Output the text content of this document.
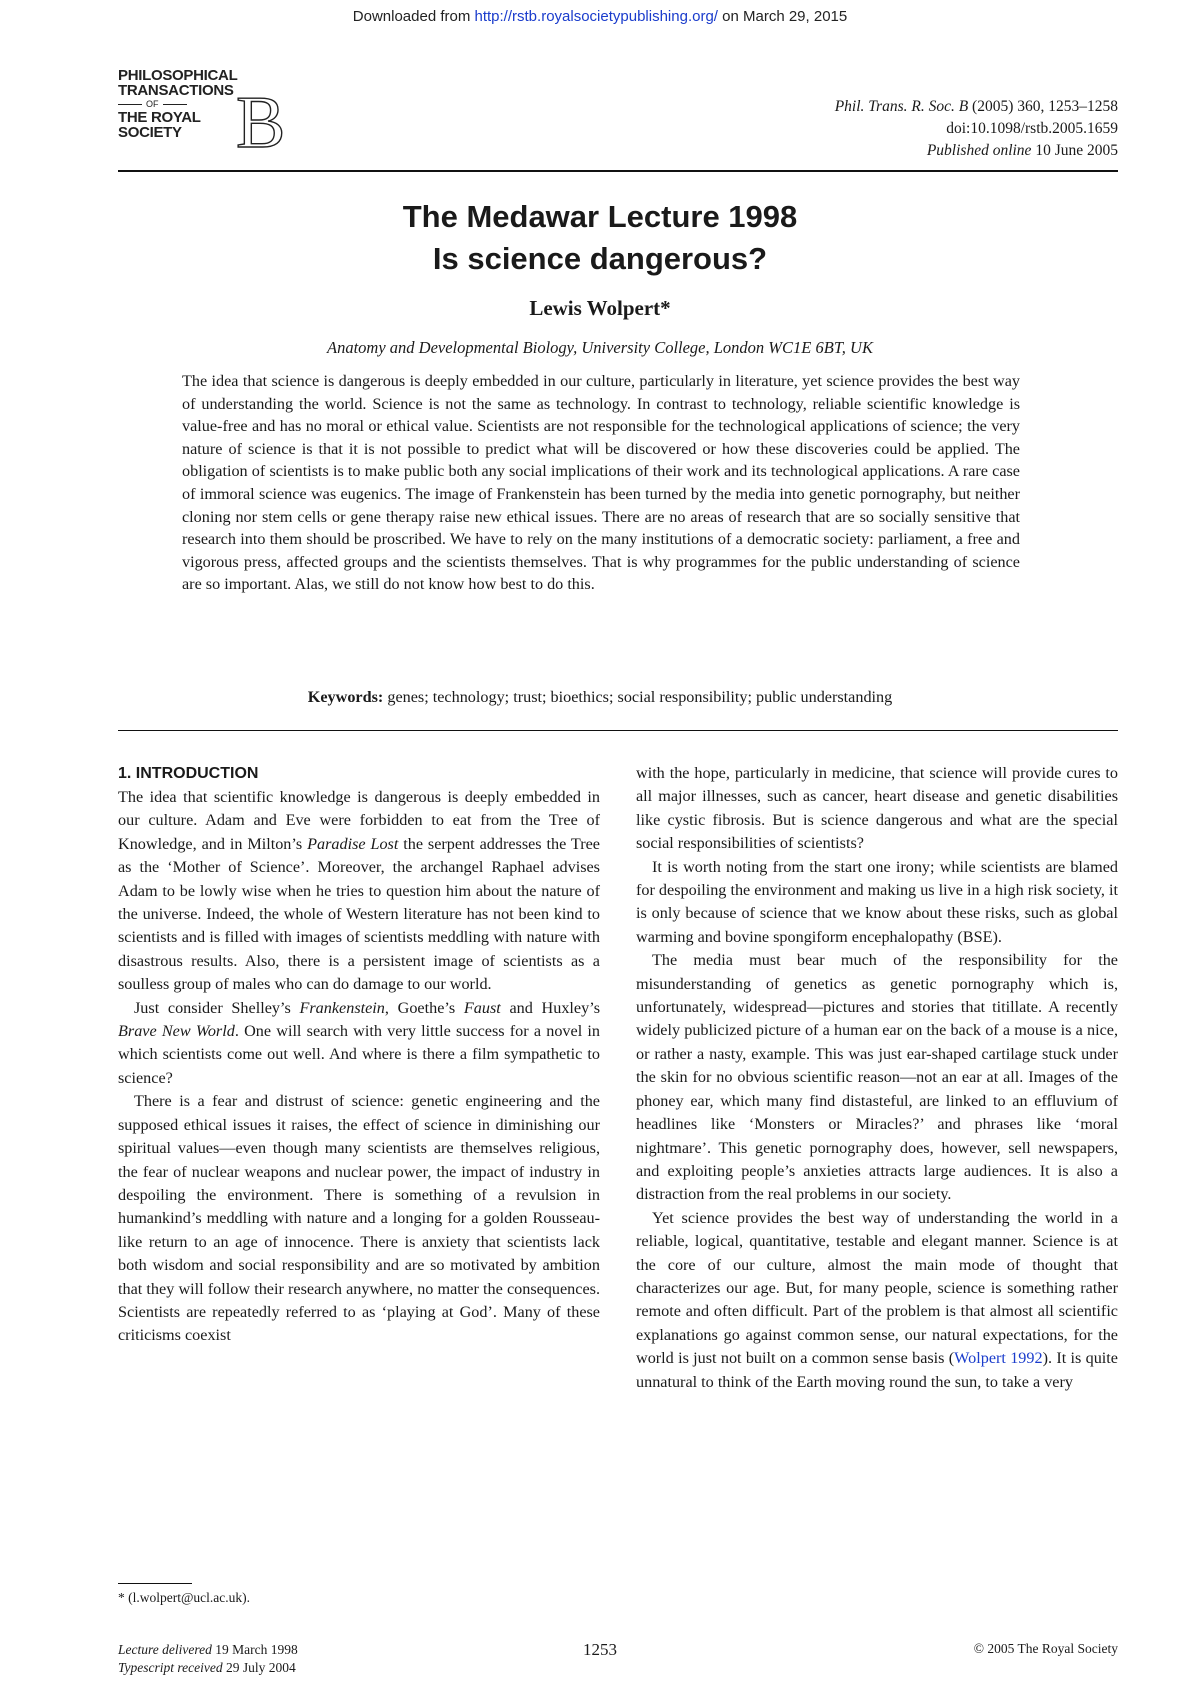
Downloaded from http://rstb.royalsocietypublishing.org/ on March 29, 2015
PHILOSOPHICAL
TRANSACTIONS
OF
THE ROYAL
SOCIETY B	Phil. Trans. R. Soc. B (2005) 360, 1253–1258
doi:10.1098/rstb.2005.1659
Published online 10 June 2005
The Medawar Lecture 1998
Is science dangerous?
Lewis Wolpert*
Anatomy and Developmental Biology, University College, London WC1E 6BT, UK
The idea that science is dangerous is deeply embedded in our culture, particularly in literature, yet science provides the best way of understanding the world. Science is not the same as technology. In contrast to technology, reliable scientific knowledge is value-free and has no moral or ethical value. Scientists are not responsible for the technological applications of science; the very nature of science is that it is not possible to predict what will be discovered or how these discoveries could be applied. The obligation of scientists is to make public both any social implications of their work and its technological applications. A rare case of immoral science was eugenics. The image of Frankenstein has been turned by the media into genetic pornography, but neither cloning nor stem cells or gene therapy raise new ethical issues. There are no areas of research that are so socially sensitive that research into them should be proscribed. We have to rely on the many institutions of a democratic society: parliament, a free and vigorous press, affected groups and the scientists themselves. That is why programmes for the public understanding of science are so important. Alas, we still do not know how best to do this.
Keywords: genes; technology; trust; bioethics; social responsibility; public understanding
1. INTRODUCTION

The idea that scientific knowledge is dangerous is deeply embedded in our culture. Adam and Eve were forbidden to eat from the Tree of Knowledge, and in Milton’s Paradise Lost the serpent addresses the Tree as the ‘Mother of Science’. Moreover, the archangel Raphael advises Adam to be lowly wise when he tries to question him about the nature of the universe. Indeed, the whole of Western literature has not been kind to scientists and is filled with images of scientists meddling with nature with disastrous results. Also, there is a persistent image of scientists as a soulless group of males who can do damage to our world.

Just consider Shelley’s Frankenstein, Goethe’s Faust and Huxley’s Brave New World. One will search with very little success for a novel in which scientists come out well. And where is there a film sympathetic to science?

There is a fear and distrust of science: genetic engineering and the supposed ethical issues it raises, the effect of science in diminishing our spiritual values—even though many scientists are themselves religious, the fear of nuclear weapons and nuclear power, the impact of industry in despoiling the environment. There is something of a revulsion in humankind’s meddling with nature and a longing for a golden Rousseau-like return to an age of innocence. There is anxiety that scientists lack both wisdom and social responsibility and are so motivated by ambition that they will follow their research anywhere, no matter the consequences. Scientists are repeatedly referred to as ‘playing at God’. Many of these criticisms coexist

with the hope, particularly in medicine, that science will provide cures to all major illnesses, such as cancer, heart disease and genetic disabilities like cystic fibrosis. But is science dangerous and what are the special social responsibilities of scientists?

It is worth noting from the start one irony; while scientists are blamed for despoiling the environment and making us live in a high risk society, it is only because of science that we know about these risks, such as global warming and bovine spongiform encephalopathy (BSE).

The media must bear much of the responsibility for the misunderstanding of genetics as genetic pornography which is, unfortunately, widespread—pictures and stories that titillate. A recently widely publicized picture of a human ear on the back of a mouse is a nice, or rather a nasty, example. This was just ear-shaped cartilage stuck under the skin for no obvious scientific reason—not an ear at all. Images of the phoney ear, which many find distasteful, are linked to an effluvium of headlines like ‘Monsters or Miracles?’ and phrases like ‘moral nightmare’. This genetic pornography does, however, sell newspapers, and exploiting people’s anxieties attracts large audiences. It is also a distraction from the real problems in our society.

Yet science provides the best way of understanding the world in a reliable, logical, quantitative, testable and elegant manner. Science is at the core of our culture, almost the main mode of thought that characterizes our age. But, for many people, science is something rather remote and often difficult. Part of the problem is that almost all scientific explanations go against common sense, our natural expectations, for the world is just not built on a common sense basis (Wolpert 1992). It is quite unnatural to think of the Earth moving round the sun, to take a very

* (l.wolpert@ucl.ac.uk).
Lecture delivered 19 March 1998
Typescript received 29 July 2004
1253	© 2005 The Royal Society
